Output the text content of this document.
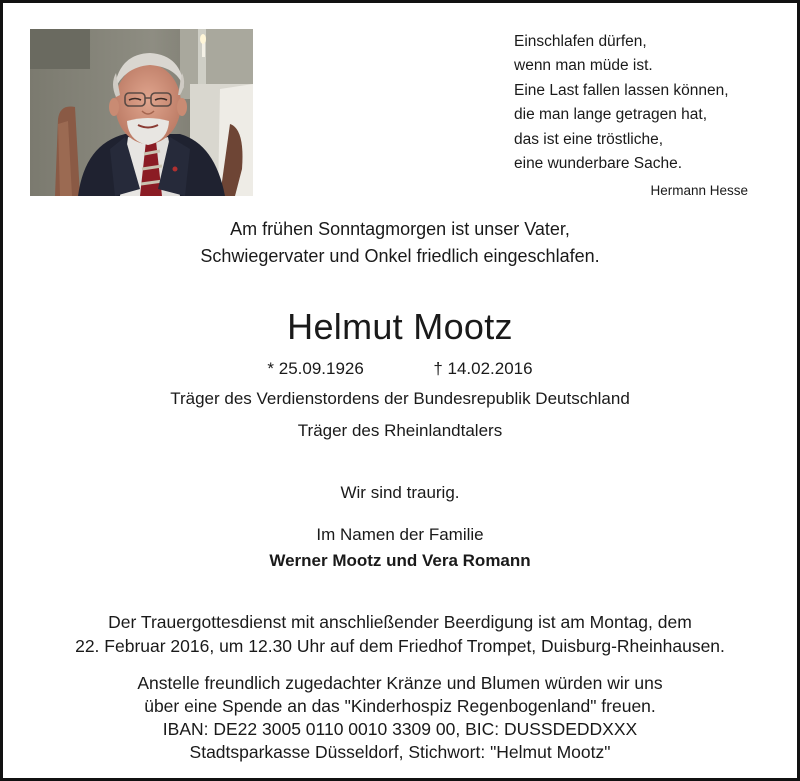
Einschlafen dürfen,
wenn man müde ist.
Eine Last fallen lassen können,
die man lange getragen hat,
das ist eine tröstliche,
eine wunderbare Sache.
Hermann Hesse
Am frühen Sonntagmorgen ist unser Vater,
Schwiegervater und Onkel friedlich eingeschlafen.
Helmut Mootz
* 25.09.1926	† 14.02.2016
Träger des Verdienstordens der Bundesrepublik Deutschland
Träger des Rheinlandtalers
Wir sind traurig.
Im Namen der Familie
Werner Mootz und Vera Romann
Der Trauergottesdienst mit anschließender Beerdigung ist am Montag, dem
22. Februar 2016, um 12.30 Uhr auf dem Friedhof Trompet, Duisburg-Rheinhausen.
Anstelle freundlich zugedachter Kränze und Blumen würden wir uns
über eine Spende an das "Kinderhospiz Regenbogenland" freuen.
IBAN: DE22 3005 0110 0010 3309 00, BIC: DUSSDEDDXXX
Stadtsparkasse Düsseldorf, Stichwort: "Helmut Mootz"
